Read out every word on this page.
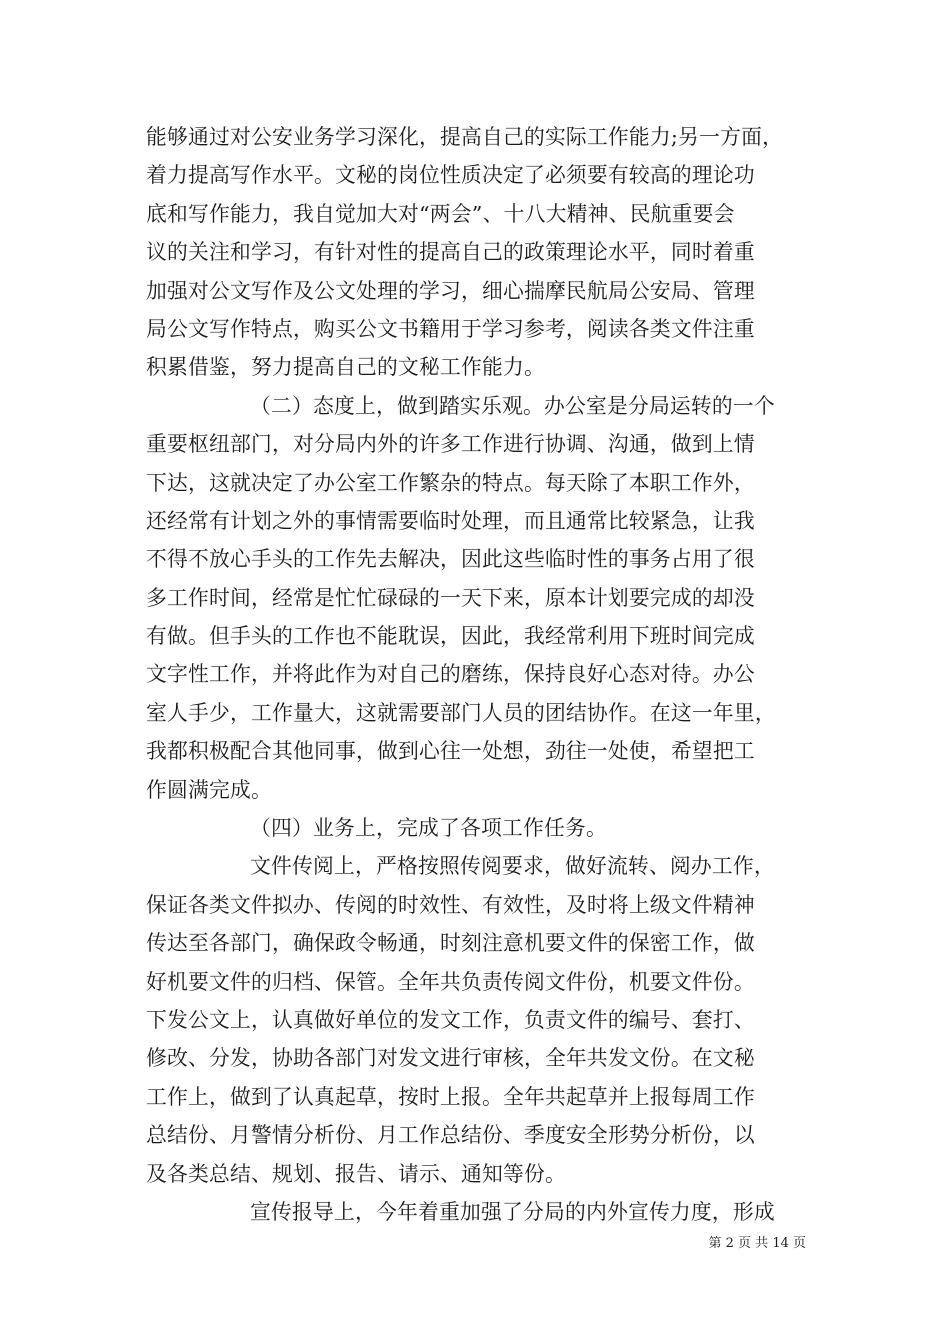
能够通过对公安业务学习深化，提高自己的实际工作能力;另一方面，
着力提高写作水平。文秘的岗位性质决定了必须要有较高的理论功
底和写作能力，我自觉加大对“两会”、十八大精神、民航重要会
议的关注和学习，有针对性的提高自己的政策理论水平，同时着重
加强对公文写作及公文处理的学习，细心揣摩民航局公安局、管理
局公文写作特点，购买公文书籍用于学习参考，阅读各类文件注重
积累借鉴，努力提高自己的文秘工作能力。
（二）态度上，做到踏实乐观。办公室是分局运转的一个
重要枢纽部门，对分局内外的许多工作进行协调、沟通，做到上情
下达，这就决定了办公室工作繁杂的特点。每天除了本职工作外，
还经常有计划之外的事情需要临时处理，而且通常比较紧急，让我
不得不放心手头的工作先去解决，因此这些临时性的事务占用了很
多工作时间，经常是忙忙碌碌的一天下来，原本计划要完成的却没
有做。但手头的工作也不能耽误，因此，我经常利用下班时间完成
文字性工作，并将此作为对自己的磨练，保持良好心态对待。办公
室人手少，工作量大，这就需要部门人员的团结协作。在这一年里，
我都积极配合其他同事，做到心往一处想，劲往一处使，希望把工
作圆满完成。
（四）业务上，完成了各项工作任务。
文件传阅上，严格按照传阅要求，做好流转、阅办工作，
保证各类文件拟办、传阅的时效性、有效性，及时将上级文件精神
传达至各部门，确保政令畅通，时刻注意机要文件的保密工作，做
好机要文件的归档、保管。全年共负责传阅文件份，机要文件份。
下发公文上，认真做好单位的发文工作，负责文件的编号、套打、
修改、分发，协助各部门对发文进行审核，全年共发文份。在文秘
工作上，做到了认真起草，按时上报。全年共起草并上报每周工作
总结份、月警情分析份、月工作总结份、季度安全形势分析份，以
及各类总结、规划、报告、请示、通知等份。
宣传报导上，今年着重加强了分局的内外宣传力度，形成
第 2 页 共 14 页
